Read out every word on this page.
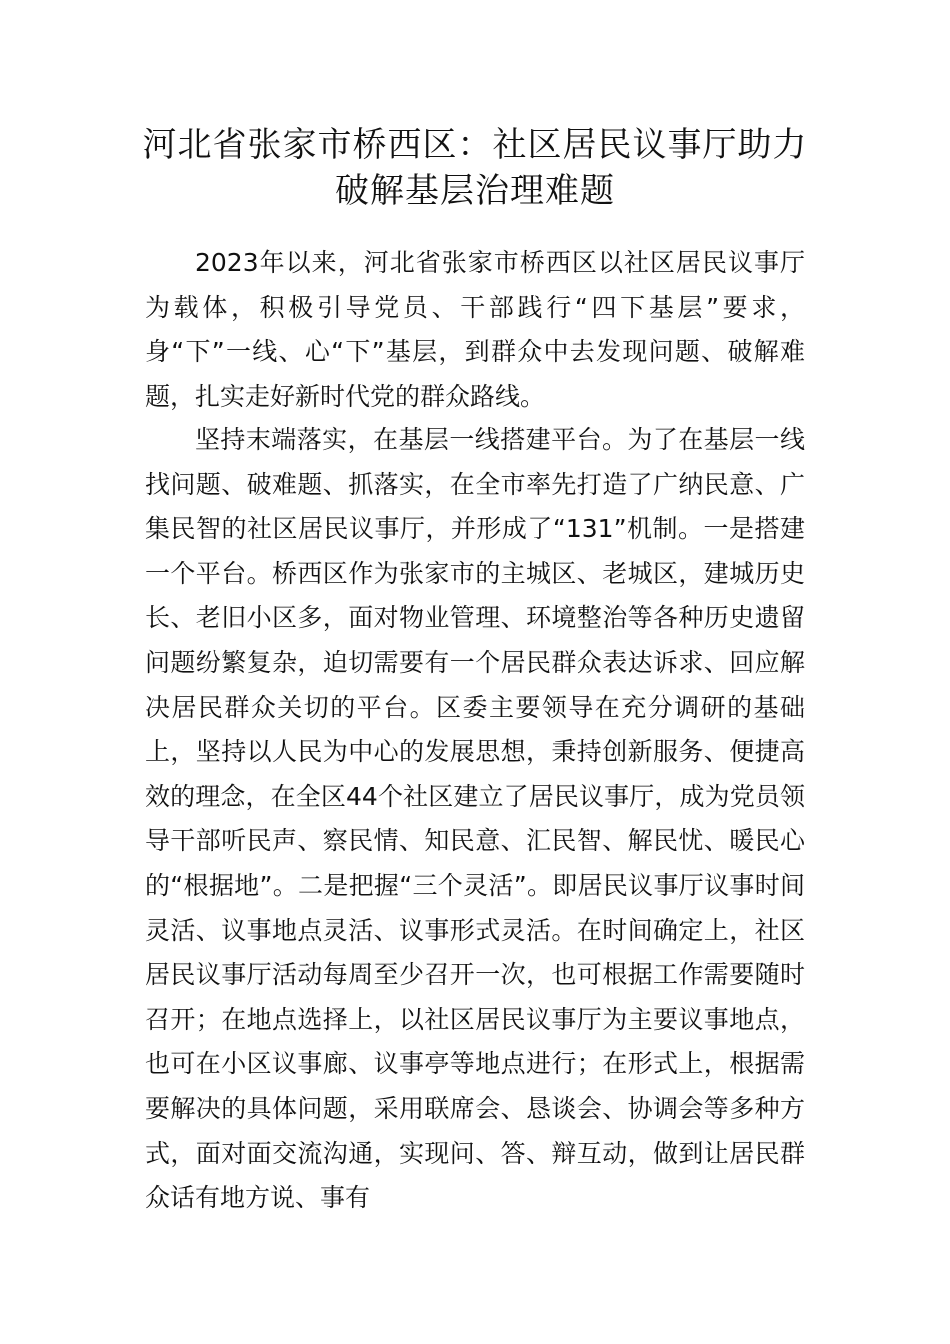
河北省张家市桥西区：社区居民议事厅助力破解基层治理难题

2023年以来，河北省张家市桥西区以社区居民议事厅为载体，积极引导党员、干部践行“四下基层”要求，身“下”一线、心“下”基层，到群众中去发现问题、破解难题，扎实走好新时代党的群众路线。

坚持末端落实，在基层一线搭建平台。为了在基层一线找问题、破难题、抓落实，在全市率先打造了广纳民意、广集民智的社区居民议事厅，并形成了“131”机制。一是搭建一个平台。桥西区作为张家市的主城区、老城区，建城历史长、老旧小区多，面对物业管理、环境整治等各种历史遗留问题纷繁复杂，迫切需要有一个居民群众表达诉求、回应解决居民群众关切的平台。区委主要领导在充分调研的基础上，坚持以人民为中心的发展思想，秉持创新服务、便捷高效的理念，在全区44个社区建立了居民议事厅，成为党员领导干部听民声、察民情、知民意、汇民智、解民忧、暖民心的“根据地”。二是把握“三个灵活”。即居民议事厅议事时间灵活、议事地点灵活、议事形式灵活。在时间确定上，社区居民议事厅活动每周至少召开一次，也可根据工作需要随时召开；在地点选择上，以社区居民议事厅为主要议事地点，也可在小区议事廊、议事亭等地点进行；在形式上，根据需要解决的具体问题，采用联席会、恳谈会、协调会等多种方式，面对面交流沟通，实现问、答、辩互动，做到让居民群众话有地方说、事有
